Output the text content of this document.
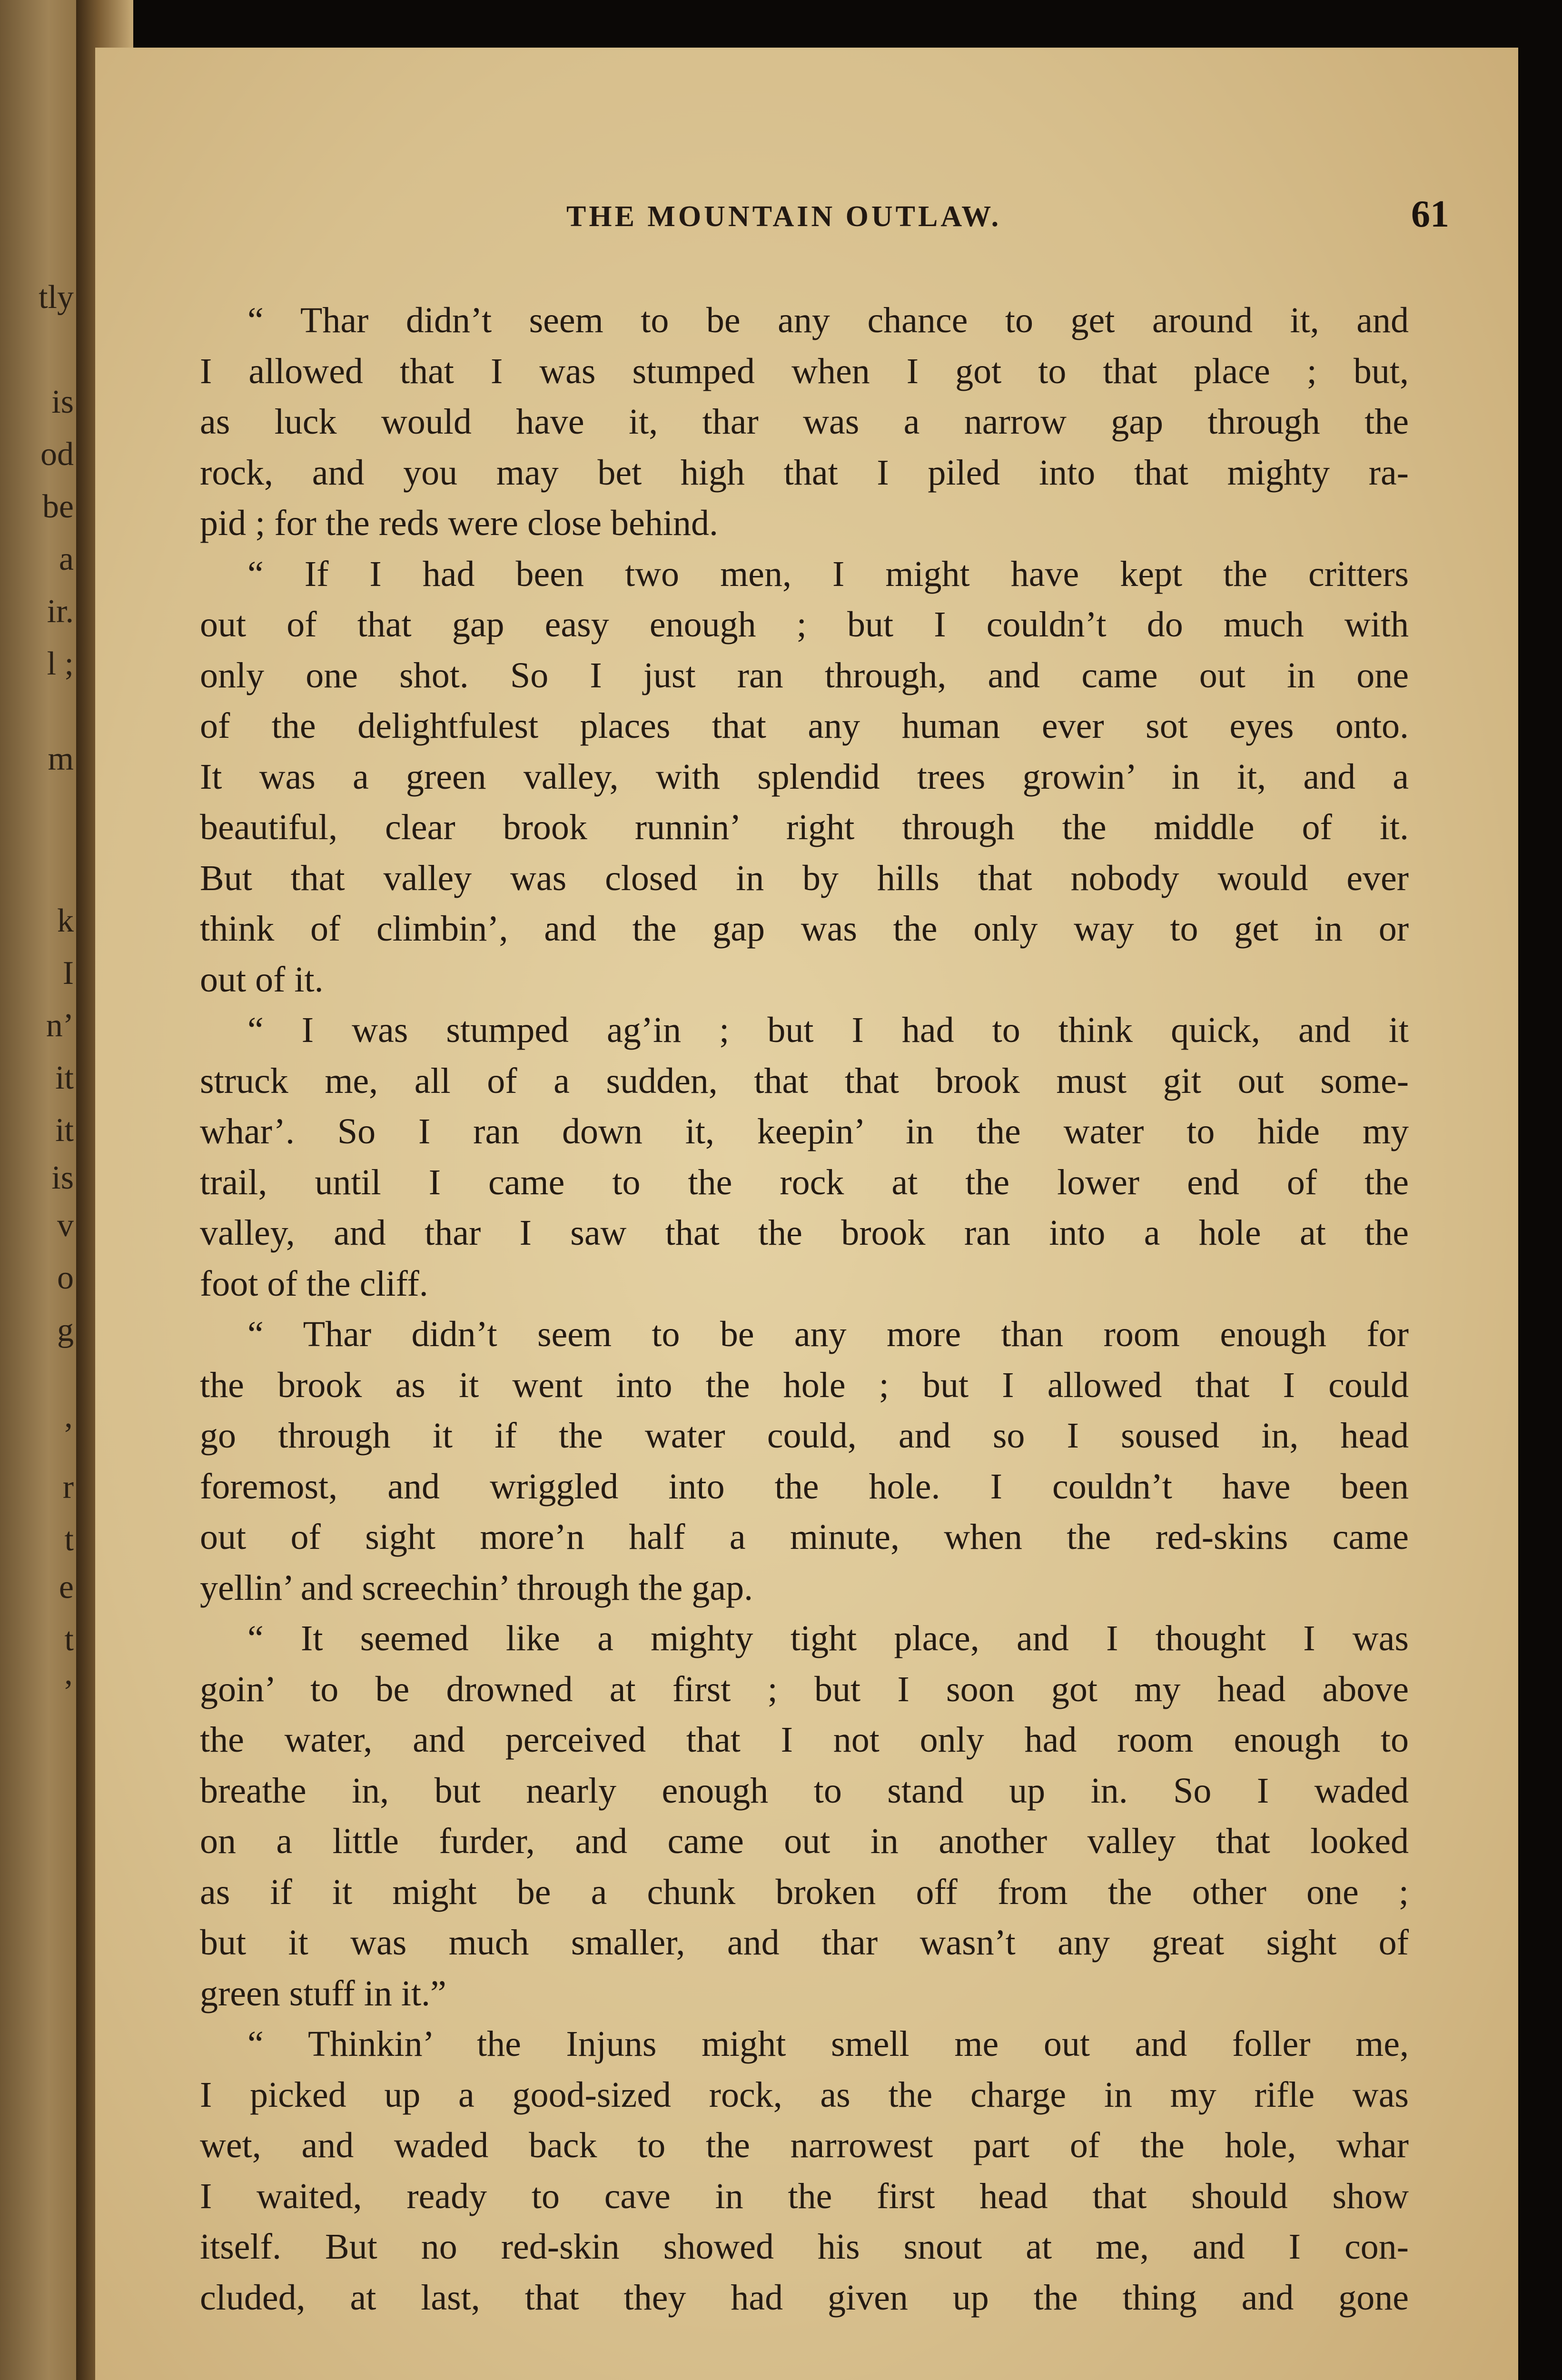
tly
is
od
be
a
ir.
l ;
m
k
I
n’
it
it
is
v
o
g
’
r
t
e
t
’
THE MOUNTAIN OUTLAW.	61
“ Thar didn’t seem to be any chance to get around it, and
I allowed that I was stumped when I got to that place ; but,
as luck would have it, thar was a narrow gap through the
rock, and you may bet high that I piled into that mighty ra-
pid ; for the reds were close behind.
“ If I had been two men, I might have kept the critters
out of that gap easy enough ; but I couldn’t do much with
only one shot. So I just ran through, and came out in one
of the delightfulest places that any human ever sot eyes onto.
It was a green valley, with splendid trees growin’ in it, and a
beautiful, clear brook runnin’ right through the middle of it.
But that valley was closed in by hills that nobody would ever
think of climbin’, and the gap was the only way to get in or
out of it.
“ I was stumped ag’in ; but I had to think quick, and it
struck me, all of a sudden, that that brook must git out some-
whar’. So I ran down it, keepin’ in the water to hide my
trail, until I came to the rock at the lower end of the
valley, and thar I saw that the brook ran into a hole at the
foot of the cliff.
“ Thar didn’t seem to be any more than room enough for
the brook as it went into the hole ; but I allowed that I could
go through it if the water could, and so I soused in, head
foremost, and wriggled into the hole. I couldn’t have been
out of sight more’n half a minute, when the red-skins came
yellin’ and screechin’ through the gap.
“ It seemed like a mighty tight place, and I thought I was
goin’ to be drowned at first ; but I soon got my head above
the water, and perceived that I not only had room enough to
breathe in, but nearly enough to stand up in. So I waded
on a little furder, and came out in another valley that looked
as if it might be a chunk broken off from the other one ;
but it was much smaller, and thar wasn’t any great sight of
green stuff in it.”
“ Thinkin’ the Injuns might smell me out and foller me,
I picked up a good-sized rock, as the charge in my rifle was
wet, and waded back to the narrowest part of the hole, whar
I waited, ready to cave in the first head that should show
itself. But no red-skin showed his snout at me, and I con-
cluded, at last, that they had given up the thing and gone
